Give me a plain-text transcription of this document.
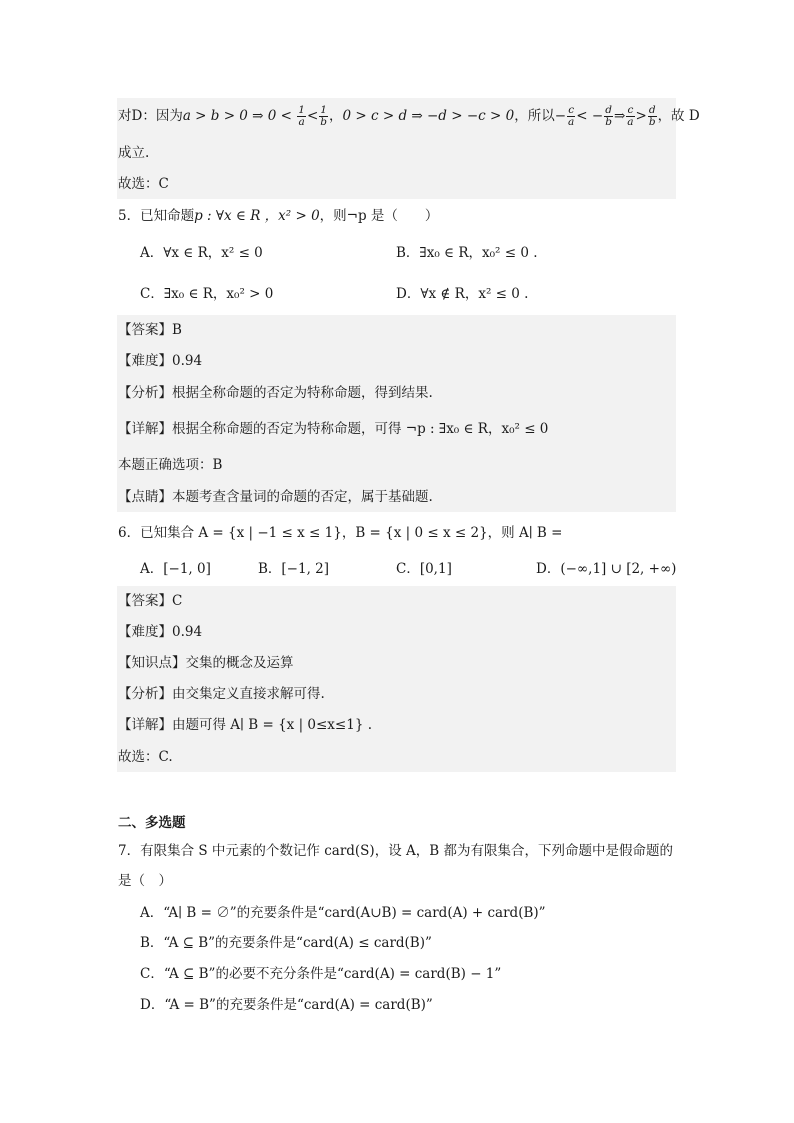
对D：因为a > b > 0 ⇒ $0 < \frac{1}{a} < \frac{1}{b}$ ，0 > c > d ⇒ −d > −c > 0，所以− $\frac{c}{a}$ < − $\frac{d}{b}$ ⇒ $\frac{c}{a} > \frac{d}{b}$ ，故 D
成立.
故选：C
5．已知命题p : ∀x ∈ R ，x² > 0，则¬p 是（　　）
A．∀x ∈ R，x² ≤ 0	B．∃x₀ ∈ R，x₀² ≤ 0 .
C．∃x₀ ∈ R，x₀² > 0	D．∀x ∉ R，x² ≤ 0 .
【答案】B
【难度】0.94
【分析】根据全称命题的否定为特称命题，得到结果.
【详解】根据全称命题的否定为特称命题，可得 ¬p : ∃x₀ ∈ R，x₀² ≤ 0
本题正确选项：B
【点睛】本题考查含量词的命题的否定，属于基础题.
6．已知集合 A = {x | −1 ≤ x ≤ 1}，B = {x | 0 ≤ x ≤ 2}，则 A∣ B =
A．[−1, 0]	B．[−1, 2]	C．[0,1]	D．(−∞,1] ∪ [2, +∞)
【答案】C
【难度】0.94
【知识点】交集的概念及运算
【分析】由交集定义直接求解可得.
【详解】由题可得 A∣ B = {x | 0≤x≤1} .
故选：C.
二、多选题
7．有限集合 S 中元素的个数记作 card(S)，设 A，B 都为有限集合，下列命题中是假命题的
是（　）
A．“A∣ B = ∅”的充要条件是“card(A∪B) = card(A) + card(B)”
B．“A ⊆ B”的充要条件是“card(A) ≤ card(B)”
C．“A ⊆ B”的必要不充分条件是“card(A) = card(B) − 1”
D．“A = B”的充要条件是“card(A) = card(B)”
